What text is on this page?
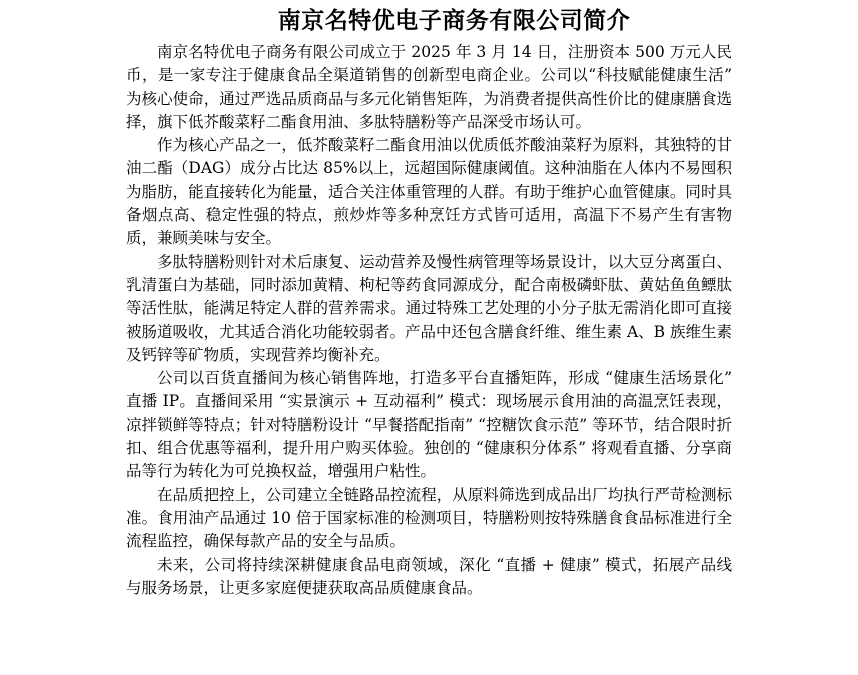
南京名特优电子商务有限公司简介

南京名特优电子商务有限公司成立于 2025 年 3 月 14 日，注册资本 500 万元人民币，是一家专注于健康食品全渠道销售的创新型电商企业。公司以“科技赋能健康生活” 为核心使命，通过严选品质商品与多元化销售矩阵，为消费者提供高性价比的健康膳食选择，旗下低芥酸菜籽二酯食用油、多肽特膳粉等产品深受市场认可。

作为核心产品之一，低芥酸菜籽二酯食用油以优质低芥酸油菜籽为原料，其独特的甘油二酯（DAG）成分占比达 85%以上，远超国际健康阈值。这种油脂在人体内不易囤积为脂肪，能直接转化为能量，适合关注体重管理的人群。有助于维护心血管健康。同时具备烟点高、稳定性强的特点，煎炒炸等多种烹饪方式皆可适用，高温下不易产生有害物质，兼顾美味与安全。

多肽特膳粉则针对术后康复、运动营养及慢性病管理等场景设计，以大豆分离蛋白、乳清蛋白为基础，同时添加黄精、枸杞等药食同源成分，配合南极磷虾肽、黄姑鱼鱼鳔肽等活性肽，能满足特定人群的营养需求。通过特殊工艺处理的小分子肽无需消化即可直接被肠道吸收，尤其适合消化功能较弱者。产品中还包含膳食纤维、维生素 A、B 族维生素及钙锌等矿物质，实现营养均衡补充。

公司以百货直播间为核心销售阵地，打造多平台直播矩阵，形成 “健康生活场景化” 直播 IP。直播间采用 “实景演示 + 互动福利” 模式：现场展示食用油的高温烹饪表现，凉拌锁鲜等特点；针对特膳粉设计 “早餐搭配指南” “控糖饮食示范” 等环节，结合限时折扣、组合优惠等福利，提升用户购买体验。独创的 “健康积分体系” 将观看直播、分享商品等行为转化为可兑换权益，增强用户粘性。

在品质把控上，公司建立全链路品控流程，从原料筛选到成品出厂均执行严苛检测标准。食用油产品通过 10 倍于国家标准的检测项目，特膳粉则按特殊膳食食品标准进行全流程监控，确保每款产品的安全与品质。

未来，公司将持续深耕健康食品电商领域，深化 “直播 + 健康” 模式，拓展产品线与服务场景，让更多家庭便捷获取高品质健康食品。
